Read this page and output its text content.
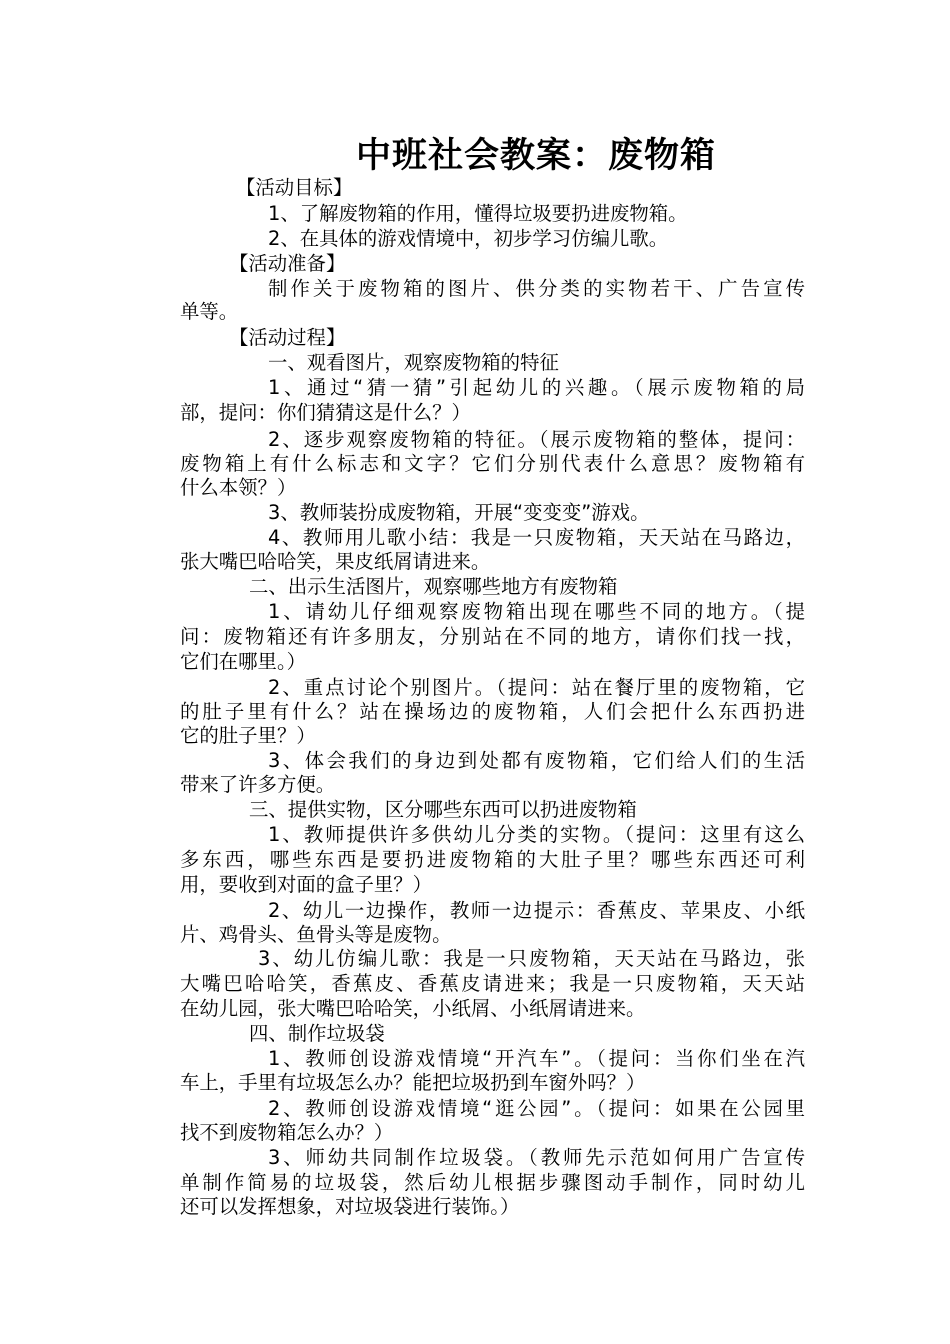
中班社会教案：废物箱
【活动目标】
1、了解废物箱的作用，懂得垃圾要扔进废物箱。
2、在具体的游戏情境中，初步学习仿编儿歌。
【活动准备】
制作关于废物箱的图片、供分类的实物若干、广告宣传
单等。
【活动过程】
一、观看图片，观察废物箱的特征
1、通过“猜一猜”引起幼儿的兴趣。（展示废物箱的局
部，提问：你们猜猜这是什么？）
2、逐步观察废物箱的特征。（展示废物箱的整体，提问：
废物箱上有什么标志和文字？它们分别代表什么意思？废物箱有
什么本领？）
3、教师装扮成废物箱，开展“变变变”游戏。
4、教师用儿歌小结：我是一只废物箱，天天站在马路边，
张大嘴巴哈哈笑，果皮纸屑请进来。
二、出示生活图片，观察哪些地方有废物箱
1、请幼儿仔细观察废物箱出现在哪些不同的地方。（提
问：废物箱还有许多朋友，分别站在不同的地方，请你们找一找，
它们在哪里。）
2、重点讨论个别图片。（提问：站在餐厅里的废物箱，它
的肚子里有什么？站在操场边的废物箱，人们会把什么东西扔进
它的肚子里？）
3、体会我们的身边到处都有废物箱，它们给人们的生活
带来了许多方便。
三、提供实物，区分哪些东西可以扔进废物箱
1、教师提供许多供幼儿分类的实物。（提问：这里有这么
多东西，哪些东西是要扔进废物箱的大肚子里？哪些东西还可利
用，要收到对面的盒子里？）
2、幼儿一边操作，教师一边提示：香蕉皮、苹果皮、小纸
片、鸡骨头、鱼骨头等是废物。
3、幼儿仿编儿歌：我是一只废物箱，天天站在马路边，张
大嘴巴哈哈笑，香蕉皮、香蕉皮请进来；我是一只废物箱，天天站
在幼儿园，张大嘴巴哈哈笑，小纸屑、小纸屑请进来。
四、制作垃圾袋
1、教师创设游戏情境“开汽车”。（提问：当你们坐在汽
车上，手里有垃圾怎么办？能把垃圾扔到车窗外吗？）
2、教师创设游戏情境“逛公园”。（提问：如果在公园里
找不到废物箱怎么办？）
3、师幼共同制作垃圾袋。（教师先示范如何用广告宣传
单制作简易的垃圾袋，然后幼儿根据步骤图动手制作，同时幼儿
还可以发挥想象，对垃圾袋进行装饰。）
